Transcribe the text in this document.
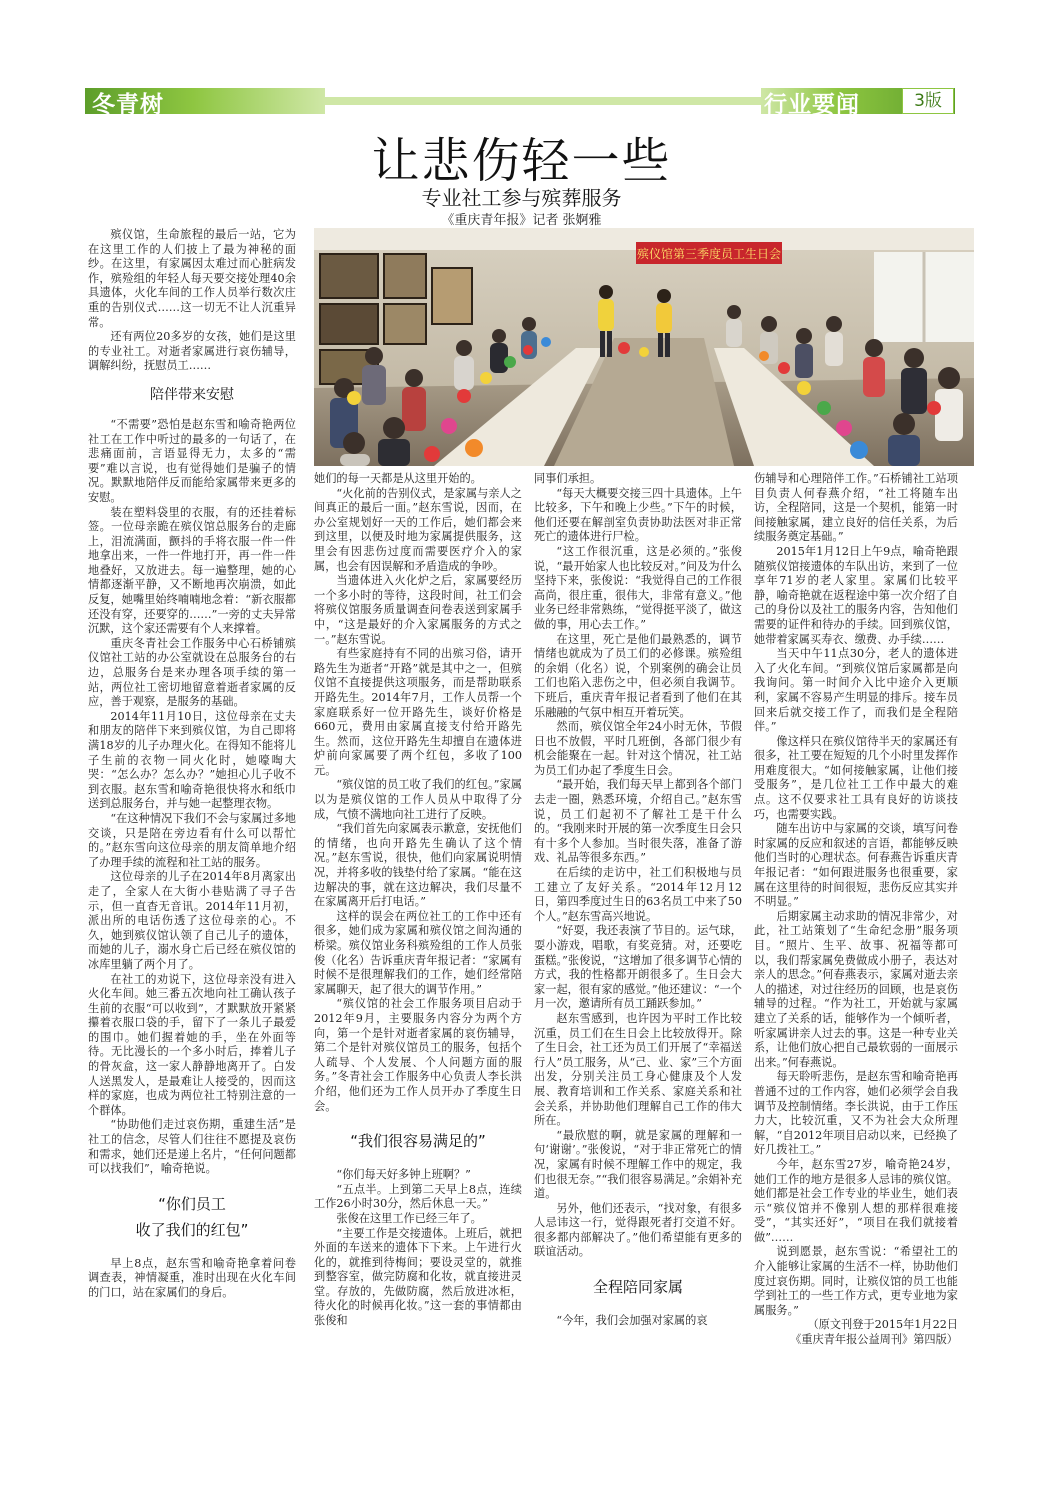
冬青树	行业要闻	3版
让悲伤轻一些
专业社工参与殡葬服务
《重庆青年报》记者 张婀雅
殡仪馆第三季度员工生日会

殡仪馆，生命旅程的最后一站，它为在这里工作的人们披上了最为神秘的面纱。在这里，有家属因太难过而心脏病发作，殡殓组的年轻人每天要交接处理40余具遗体，火化车间的工作人员举行数次庄重的告别仪式……这一切无不让人沉重异常。

还有两位20多岁的女孩，她们是这里的专业社工。对逝者家属进行哀伤辅导，调解纠纷，抚慰员工……

陪伴带来安慰

“不需要”恐怕是赵东雪和喻奇艳两位社工在工作中听过的最多的一句话了，在悲痛面前，言语显得无力，太多的“需要”难以言说，也有觉得她们是骗子的情况。默默地陪伴反而能给家属带来更多的安慰。

装在塑料袋里的衣服，有的还挂着标签。一位母亲跪在殡仪馆总服务台的走廊上，泪流满面，颤抖的手将衣服一件一件地拿出来，一件一件地打开，再一件一件地叠好，又放进去。每一遍整理，她的心情都逐渐平静，又不断地再次崩溃，如此反复，她嘴里始终喃喃地念着：“新衣服都还没有穿，还要穿的……”一旁的丈夫异常沉默，这个家还需要有个人来撑着。

重庆冬青社会工作服务中心石桥铺殡仪馆社工站的办公室就设在总服务台的右边，总服务台是来办理各项手续的第一站，两位社工密切地留意着逝者家属的反应，善于观察，是服务的基础。

2014年11月10日，这位母亲在丈夫和朋友的陪伴下来到殡仪馆，为自己即将满18岁的儿子办理火化。在得知不能将儿子生前的衣物一同火化时，她嚎啕大哭：“怎么办？怎么办？”她担心儿子收不到衣服。赵东雪和喻奇艳很快将水和纸巾送到总服务台，并与她一起整理衣物。

“在这种情况下我们不会与家属过多地交谈，只是陪在旁边看有什么可以帮忙的。”赵东雪向这位母亲的朋友简单地介绍了办理手续的流程和社工站的服务。

这位母亲的儿子在2014年8月离家出走了，全家人在大街小巷贴满了寻子告示，但一直杳无音讯。2014年11月初，派出所的电话伤透了这位母亲的心。不久，她到殡仪馆认领了自己儿子的遗体，而她的儿子，溺水身亡后已经在殡仪馆的冰库里躺了两个月了。

在社工的劝说下，这位母亲没有进入火化车间。她三番五次地向社工确认孩子生前的衣服“可以收到”，才默默放开紧紧攥着衣服口袋的手，留下了一条儿子最爱的围巾。她们握着她的手，坐在外面等待。无比漫长的一个多小时后，捧着儿子的骨灰盒，这一家人静静地离开了。白发人送黑发人，是最难让人接受的，因而这样的家庭，也成为两位社工特别注意的一个群体。

“协助他们走过哀伤期，重建生活”是社工的信念，尽管人们往往不愿提及哀伤和需求，她们还是递上名片，“任何问题都可以找我们”，喻奇艳说。

“你们员工
收了我们的红包”

早上8点，赵东雪和喻奇艳拿着问卷调查表，神情凝重，准时出现在火化车间的门口，站在家属们的身后。

她们的每一天都是从这里开始的。

“火化前的告别仪式，是家属与亲人之间真正的最后一面。”赵东雪说，因而，在办公室规划好一天的工作后，她们都会来到这里，以便及时地为家属提供服务，这里会有因悲伤过度而需要医疗介入的家属，也会有因误解和矛盾造成的争吵。

当遗体进入火化炉之后，家属要经历一个多小时的等待，这段时间，社工们会将殡仪馆服务质量调查问卷表送到家属手中，“这是最好的介入家属服务的方式之一。”赵东雪说。

有些家庭持有不同的出殡习俗，请开路先生为逝者“开路”就是其中之一，但殡仪馆不直接提供这项服务，而是帮助联系开路先生。2014年7月，工作人员帮一个家庭联系好一位开路先生，谈好价格是660元，费用由家属直接支付给开路先生。然而，这位开路先生却擅自在遗体进炉前向家属要了两个红包，多收了100元。

“殡仪馆的员工收了我们的红包。”家属以为是殡仪馆的工作人员从中取得了分成，气愤不满地向社工进行了反映。

“我们首先向家属表示歉意，安抚他们的情绪，也向开路先生确认了这个情况。”赵东雪说，很快，他们向家属说明情况，并将多收的钱垫付给了家属。“能在这边解决的事，就在这边解决，我们尽量不在家属离开后打电话。”

这样的误会在两位社工的工作中还有很多，她们成为家属和殡仪馆之间沟通的桥梁。殡仪馆业务科殡殓组的工作人员张俊（化名）告诉重庆青年报记者：“家属有时候不是很理解我们的工作，她们经常陪家属聊天，起了很大的调节作用。”

“殡仪馆的社会工作服务项目启动于2012年9月，主要服务内容分为两个方向，第一个是针对逝者家属的哀伤辅导，第二个是针对殡仪馆员工的服务，包括个人疏导、个人发展、个人问题方面的服务。”冬青社会工作服务中心负责人李长洪介绍，他们还为工作人员开办了季度生日会。

“我们很容易满足的”

“你们每天好多钟上班啊？”

“五点半。上到第二天早上8点，连续工作26小时30分，然后休息一天。”

张俊在这里工作已经三年了。

“主要工作是交接遗体。上班后，就把外面的车送来的遗体下下来。上午进行火化的，就推到待梅间；要设灵堂的，就推到整容室，做完防腐和化妆，就直接进灵堂。存放的，先做防腐，然后放进冰柜，待火化的时候再化妆。”这一套的事情都由张俊和

同事们承担。

“每天大概要交接三四十具遗体。上午比较多，下午和晚上少些。”下午的时候，他们还要在解剖室负责协助法医对非正常死亡的遗体进行尸检。

“这工作很沉重，这是必须的。”张俊说，“最开始家人也比较反对。”问及为什么坚持下来，张俊说：“我觉得自己的工作很高尚，很庄重，很伟大，非常有意义。”他业务已经非常熟练，“觉得挺平淡了，做这做的事，用心去工作。”

在这里，死亡是他们最熟悉的，调节情绪也就成为了员工们的必修课。殡殓组的余娟（化名）说，个别案例的确会让员工们也陷入悲伤之中，但必须自我调节。下班后，重庆青年报记者看到了他们在其乐融融的气氛中相互开着玩笑。

然而，殡仪馆全年24小时无休，节假日也不放假，平时几班倒，各部门很少有机会能聚在一起。针对这个情况，社工站为员工们办起了季度生日会。

“最开始，我们每天早上都到各个部门去走一圈，熟悉环境，介绍自己。”赵东雪说，员工们起初不了解社工是干什么的。“我刚来时开展的第一次季度生日会只有十多个人参加。当时很失落，准备了游戏、礼品等很多东西。”

在后续的走访中，社工们积极地与员工建立了友好关系。“2014年12月12日，第四季度过生日的63名员工中来了50个人。”赵东雪高兴地说。

“好耍，我还表演了节目的。运气球，耍小游戏，唱歌，有奖竞猜。对，还要吃蛋糕。”张俊说，“这增加了很多调节心情的方式，我的性格都开朗很多了。生日会大家一起，很有家的感觉。”他还建议：“一个月一次，邀请所有员工踊跃参加。”

赵东雪感到，也许因为平时工作比较沉重，员工们在生日会上比较放得开。除了生日会，社工还为员工们开展了“幸福送行人”员工服务，从“己、业、家”三个方面出发，分别关注员工身心健康及个人发展、教育培训和工作关系、家庭关系和社会关系，并协助他们理解自己工作的伟大所在。

“最欣慰的啊，就是家属的理解和一句‘谢谢’。”张俊说，“对于非正常死亡的情况，家属有时候不理解工作中的规定，我们也很无奈。”“我们很容易满足。”余娟补充道。

另外，他们还表示，“找对象，有很多人忌讳这一行，觉得跟死者打交道不好。很多都内部解决了。”他们希望能有更多的联谊活动。

全程陪同家属

“今年，我们会加强对家属的哀

伤辅导和心理陪伴工作。”石桥铺社工站项目负责人何春燕介绍，“社工将随车出访，全程陪同，这是一个契机，能第一时间接触家属，建立良好的信任关系，为后续服务奠定基础。”

2015年1月12日上午9点，喻奇艳跟随殡仪馆接遗体的车队出访，来到了一位享年71岁的老人家里。家属们比较平静，喻奇艳就在返程途中第一次介绍了自己的身份以及社工的服务内容，告知他们需要的证件和待办的手续。回到殡仪馆，她带着家属买寿衣、缴费、办手续……

当天中午11点30分，老人的遗体进入了火化车间。“到殡仪馆后家属都是向我询问。第一时间介入比中途介入更顺利，家属不容易产生明显的排斥。接车员回来后就交接工作了，而我们是全程陪伴。”

像这样只在殡仪馆待半天的家属还有很多，社工要在短短的几个小时里发挥作用难度很大。“如何接触家属，让他们接受服务”，是几位社工工作中最大的难点。这不仅要求社工具有良好的访谈技巧，也需要实践。

随车出访中与家属的交谈，填写问卷时家属的反应和叙述的言语，都能够反映他们当时的心理状态。何春燕告诉重庆青年报记者：“如何跟进服务也很重要，家属在这里待的时间很短，悲伤反应其实并不明显。”

后期家属主动求助的情况非常少，对此，社工站策划了“生命纪念册”服务项目。“照片、生平、故事、祝福等都可以，我们帮家属免费做成小册子，表达对亲人的思念。”何春燕表示，家属对逝去亲人的描述，对过往经历的回顾，也是哀伤辅导的过程。“作为社工，开始就与家属建立了关系的话，能够作为一个倾听者，听家属讲亲人过去的事。这是一种专业关系，让他们放心把自己最软弱的一面展示出来。”何春燕说。

每天聆听悲伤，是赵东雪和喻奇艳再普通不过的工作内容，她们必须学会自我调节及控制情绪。李长洪说，由于工作压力大，比较沉重，又不为社会大众所理解，“自2012年项目启动以来，已经换了好几拨社工。”

今年，赵东雪27岁，喻奇艳24岁，她们工作的地方是很多人忌讳的殡仪馆。她们都是社会工作专业的毕业生，她们表示“殡仪馆并不像别人想的那样很难接受”，“其实还好”，“项目在我们就接着做”……

说到愿景，赵东雪说：“希望社工的介入能够让家属的生活不一样，协助他们度过哀伤期。同时，让殡仪馆的员工也能学到社工的一些工作方式，更专业地为家属服务。”

（原文刊登于2015年1月22日

《重庆青年报公益周刊》第四版）
